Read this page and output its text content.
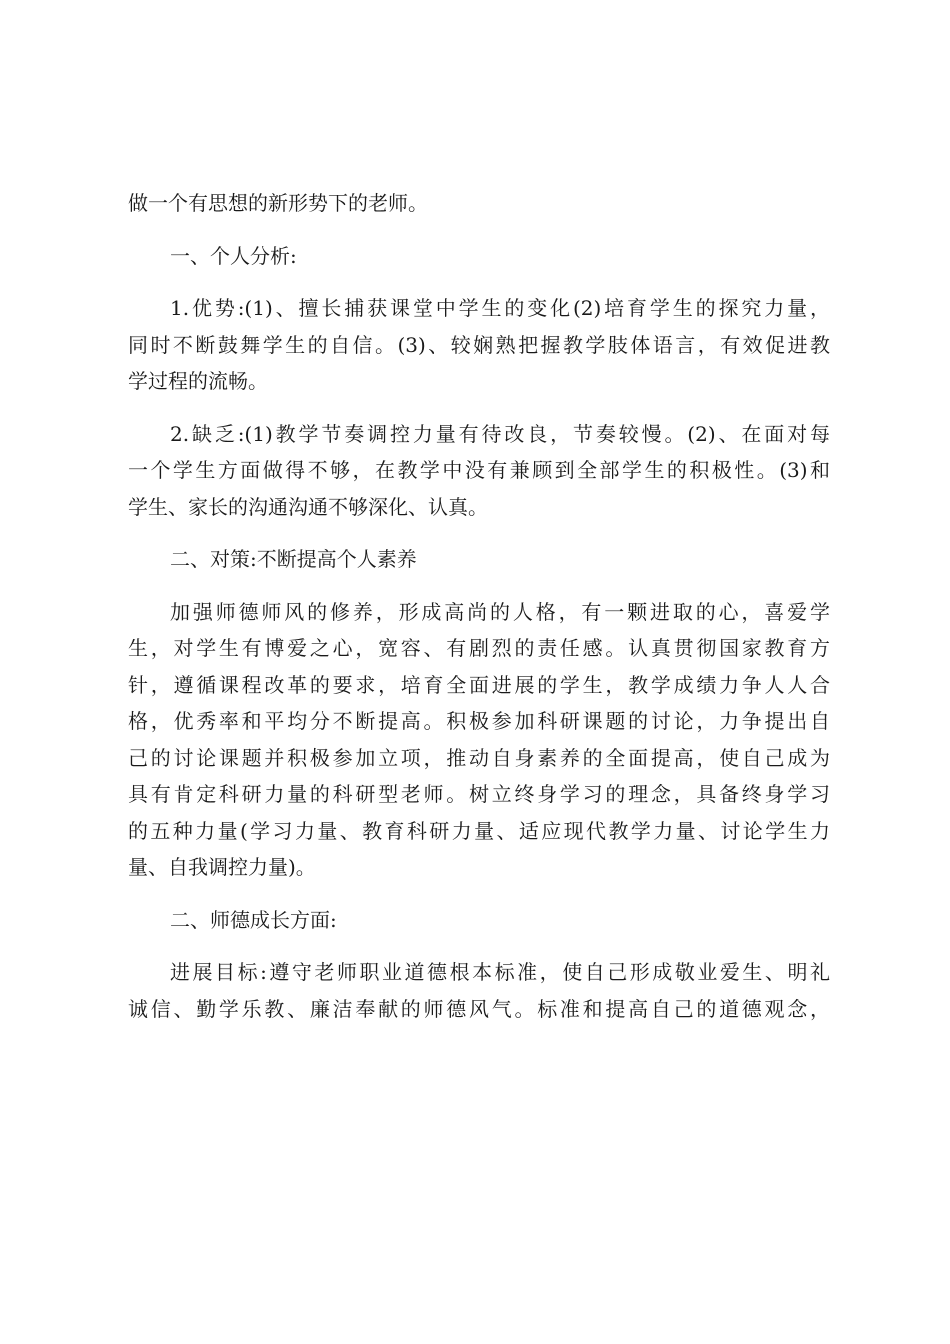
做一个有思想的新形势下的老师。
一、个人分析:
1.优势:(1)、擅长捕获课堂中学生的变化(2)培育学生的探究力量，
同时不断鼓舞学生的自信。(3)、较娴熟把握教学肢体语言，有效促进教
学过程的流畅。
2.缺乏:(1)教学节奏调控力量有待改良，节奏较慢。(2)、在面对每
一个学生方面做得不够，在教学中没有兼顾到全部学生的积极性。(3)和
学生、家长的沟通沟通不够深化、认真。
二、对策:不断提高个人素养
加强师德师风的修养，形成高尚的人格，有一颗进取的心，喜爱学
生，对学生有博爱之心，宽容、有剧烈的责任感。认真贯彻国家教育方
针，遵循课程改革的要求，培育全面进展的学生，教学成绩力争人人合
格，优秀率和平均分不断提高。积极参加科研课题的讨论，力争提出自
己的讨论课题并积极参加立项，推动自身素养的全面提高，使自己成为
具有肯定科研力量的科研型老师。树立终身学习的理念，具备终身学习
的五种力量(学习力量、教育科研力量、适应现代教学力量、讨论学生力
量、自我调控力量)。
二、师德成长方面:
进展目标:遵守老师职业道德根本标准，使自己形成敬业爱生、明礼
诚信、勤学乐教、廉洁奉献的师德风气。标准和提高自己的道德观念，
